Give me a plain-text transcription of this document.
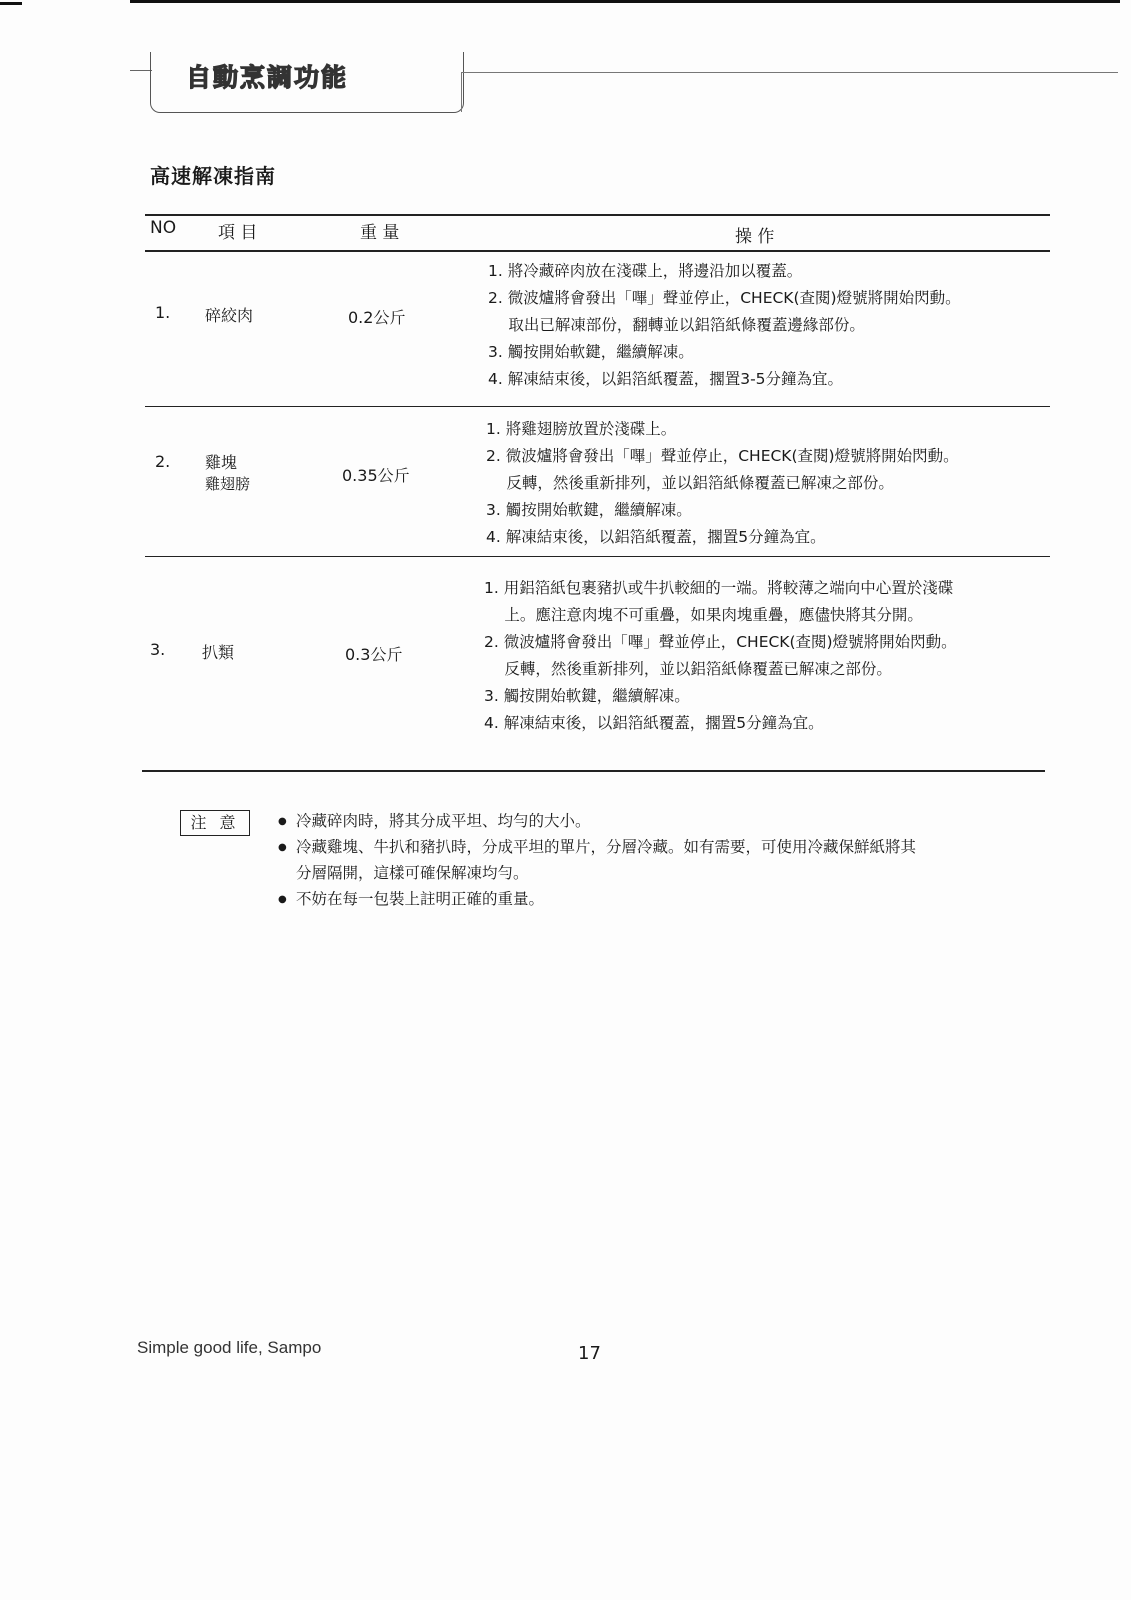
自動烹調功能
高速解凍指南
NO 項 目	重 量	操 作
1. 碎絞肉	0.2公斤
1. 將冷藏碎肉放在淺碟上，將邊沿加以覆蓋。
2. 微波爐將會發出「嗶」聲並停止，CHECK(查閱)燈號將開始閃動。
　 取出已解凍部份，翻轉並以鋁箔紙條覆蓋邊緣部份。
3. 觸按開始軟鍵，繼續解凍。
4. 解凍結束後，以鋁箔紙覆蓋，擱置3-5分鐘為宜。
2. 雞塊
雞翅膀	0.35公斤
1. 將雞翅膀放置於淺碟上。
2. 微波爐將會發出「嗶」聲並停止，CHECK(查閱)燈號將開始閃動。
　 反轉，然後重新排列，並以鋁箔紙條覆蓋已解凍之部份。
3. 觸按開始軟鍵，繼續解凍。
4. 解凍結束後，以鋁箔紙覆蓋，擱置5分鐘為宜。
3. 扒類	0.3公斤
1. 用鋁箔紙包裹豬扒或牛扒較細的一端。將較薄之端向中心置於淺碟
　 上。應注意肉塊不可重疊，如果肉塊重疊，應儘快將其分開。
2. 微波爐將會發出「嗶」聲並停止，CHECK(查閱)燈號將開始閃動。
　 反轉，然後重新排列，並以鋁箔紙條覆蓋已解凍之部份。
3. 觸按開始軟鍵，繼續解凍。
4. 解凍結束後，以鋁箔紙覆蓋，擱置5分鐘為宜。
注 意
●	冷藏碎肉時，將其分成平坦、均勻的大小。
● 冷藏雞塊、牛扒和豬扒時，分成平坦的單片，分層冷藏。如有需要，可使用冷藏保鮮紙將其
分層隔開，這樣可確保解凍均勻。
● 不妨在每一包裝上註明正確的重量。
Simple good life, Sampo	17
